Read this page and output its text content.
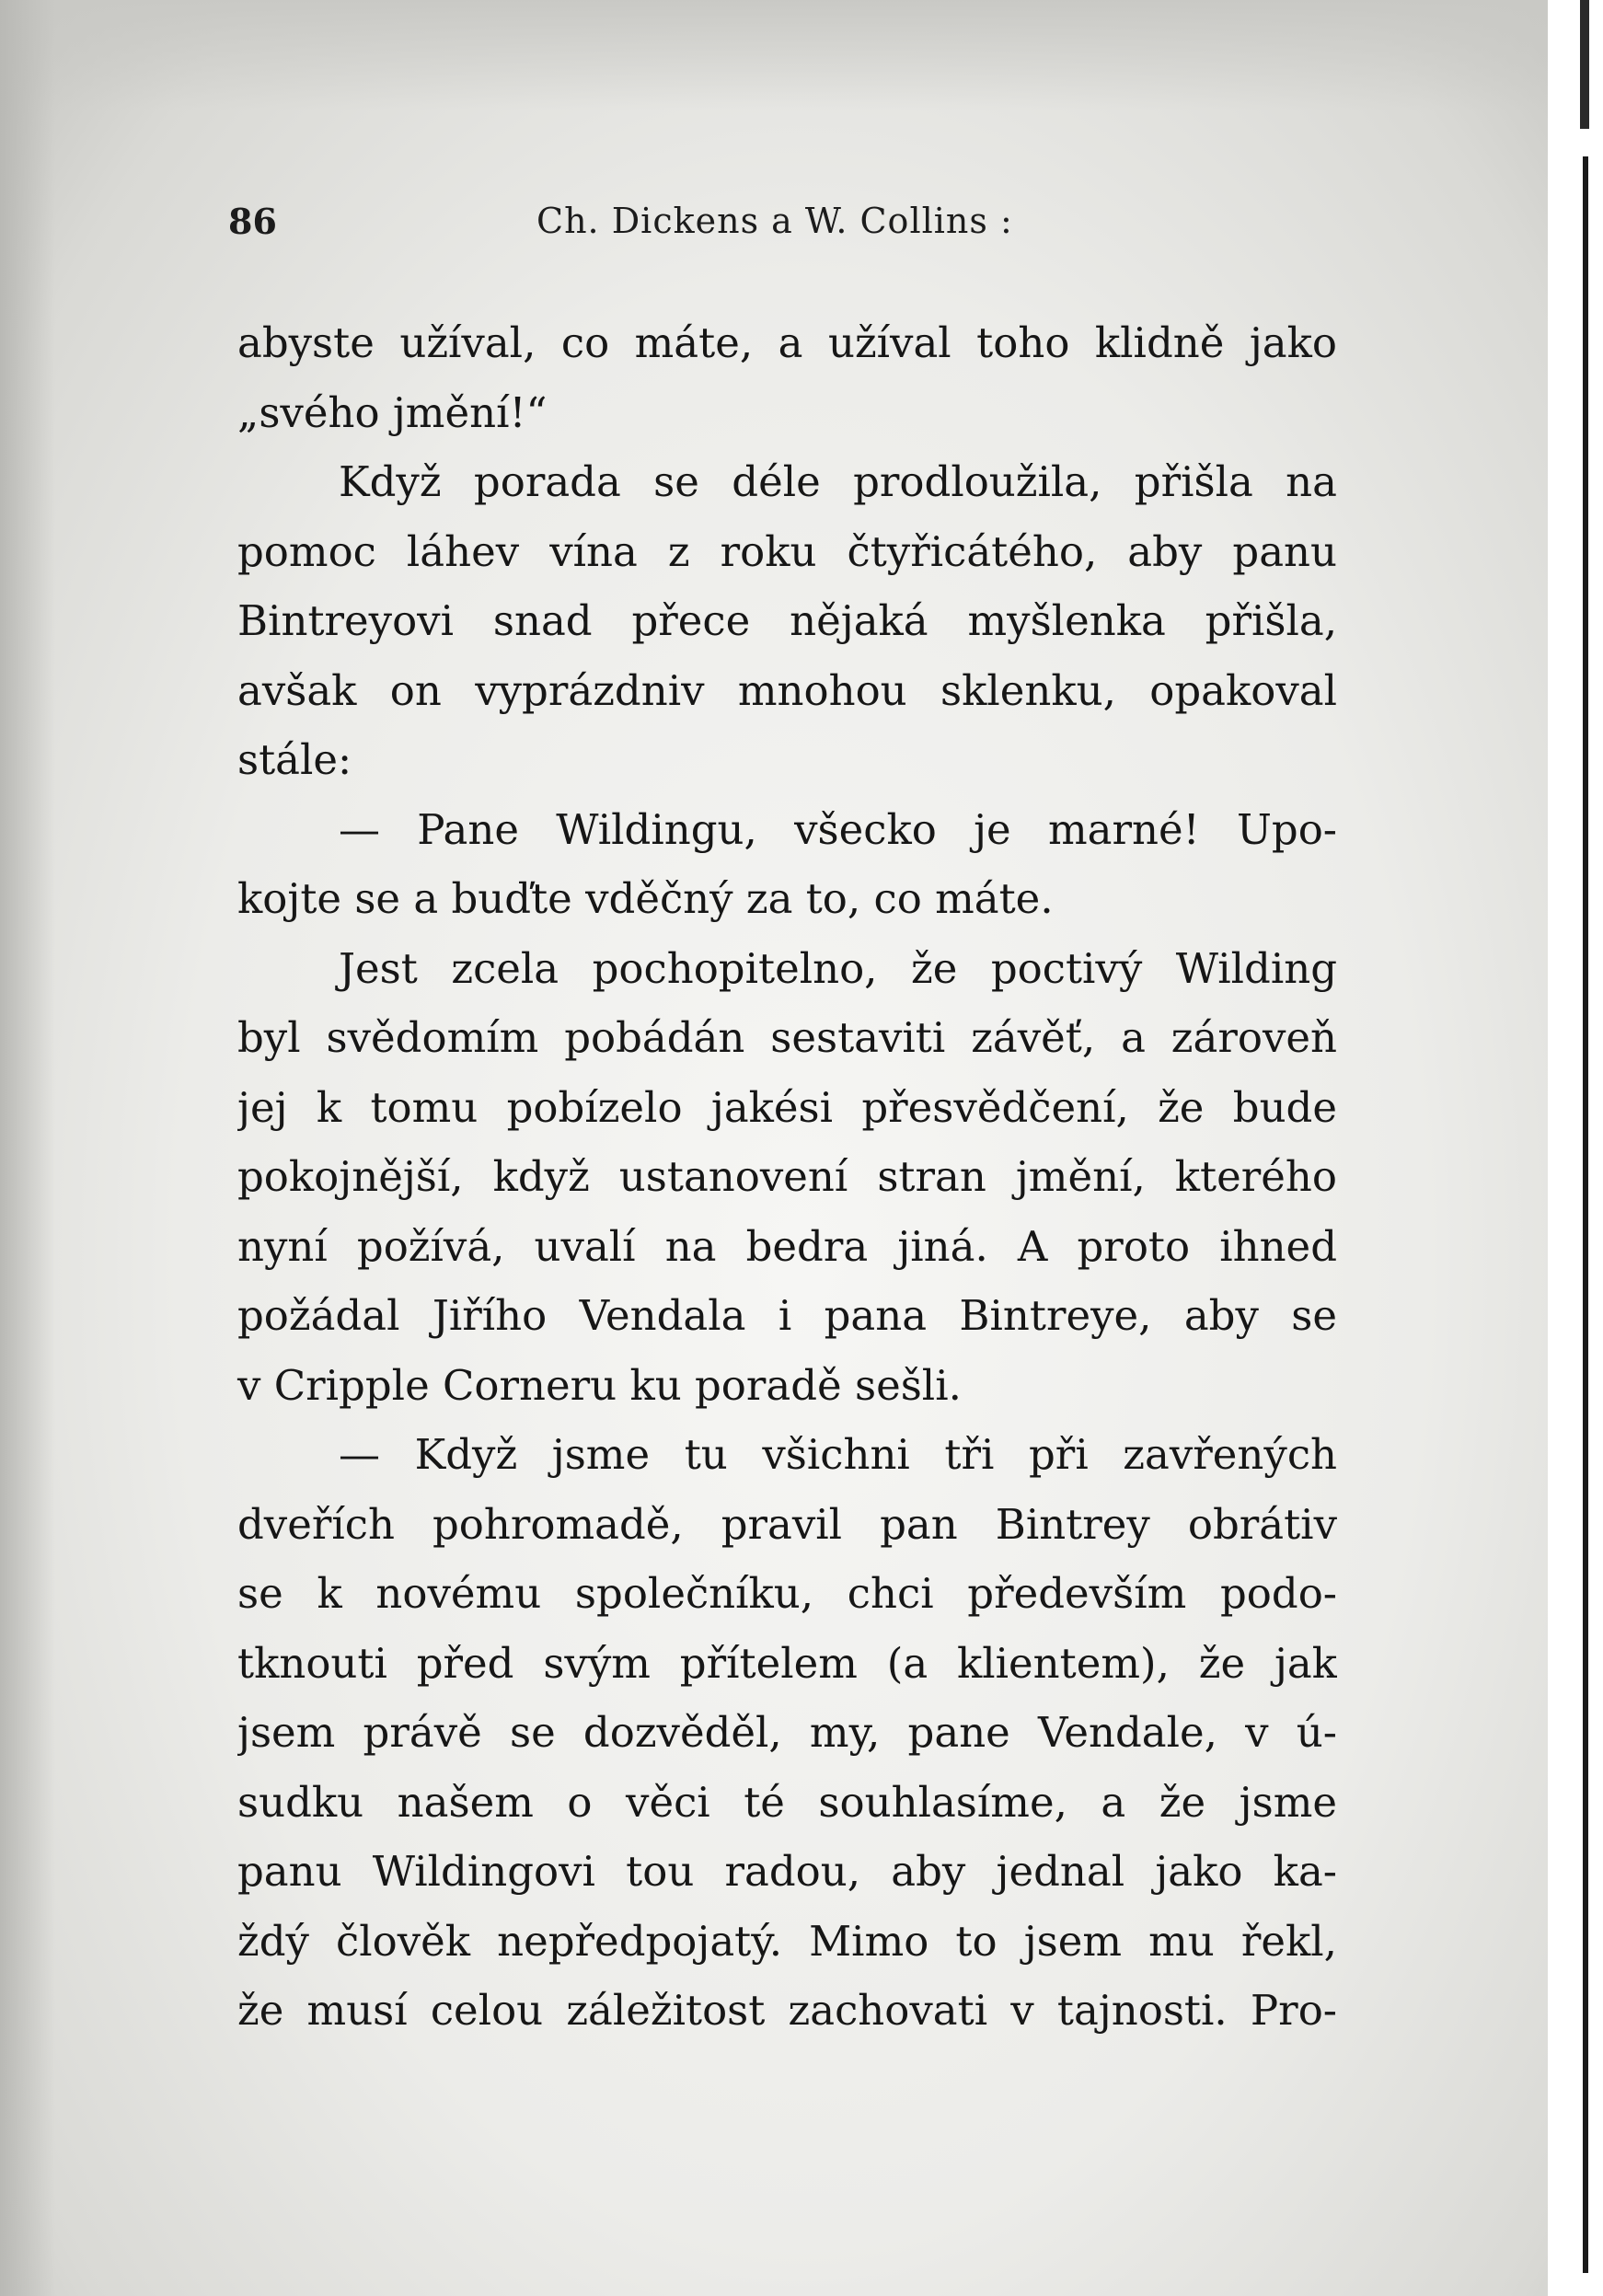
86	Ch. Dickens a W. Collins :
abyste užíval, co máte, a užíval toho klidně jako
„svého jmění!“
Když porada se déle prodloužila, přišla na
pomoc láhev vína z roku čtyřicátého, aby panu
Bintreyovi snad přece nějaká myšlenka přišla,
avšak on vyprázdniv mnohou sklenku, opakoval
stále:
— Pane Wildingu, všecko je marné! Upo-
kojte se a buďte vděčný za to, co máte.
Jest zcela pochopitelno, že poctivý Wilding
byl svědomím pobádán sestaviti závěť, a zároveň
jej k tomu pobízelo jakési přesvědčení, že bude
pokojnější, když ustanovení stran jmění, kterého
nyní požívá, uvalí na bedra jiná. A proto ihned
požádal Jiřího Vendala i pana Bintreye, aby se
v Cripple Corneru ku poradě sešli.
— Když jsme tu všichni tři při zavřených
dveřích pohromadě, pravil pan Bintrey obrátiv
se k novému společníku, chci především podo-
tknouti před svým přítelem (a klientem), že jak
jsem právě se dozvěděl, my, pane Vendale, v ú-
sudku našem o věci té souhlasíme, a že jsme
panu Wildingovi tou radou, aby jednal jako ka-
ždý člověk nepředpojatý. Mimo to jsem mu řekl,
že musí celou záležitost zachovati v tajnosti. Pro-
